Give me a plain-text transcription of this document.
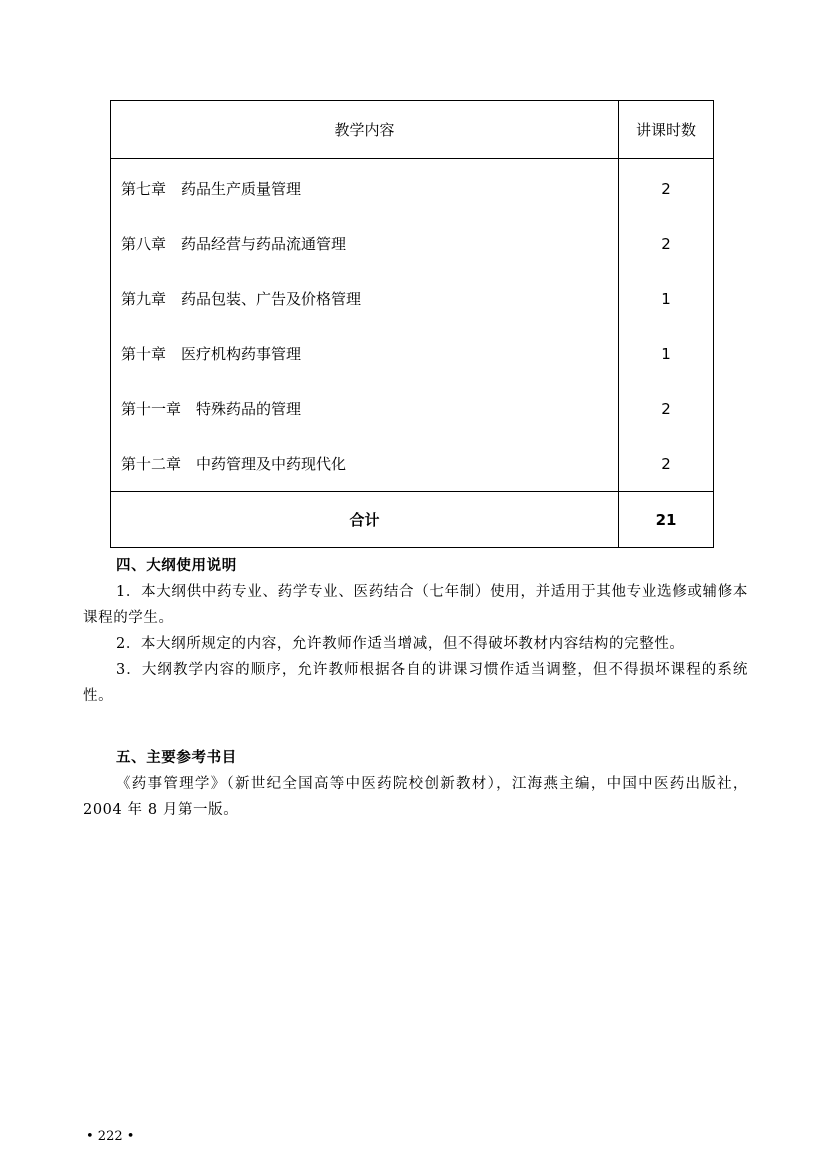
教学内容	讲课时数
第七章　药品生产质量管理	2
第八章　药品经营与药品流通管理	2
第九章　药品包装、广告及价格管理	1
第十章　医疗机构药事管理	1
第十一章　特殊药品的管理	2
第十二章　中药管理及中药现代化	2
合计	21
四、大纲使用说明

1．本大纲供中药专业、药学专业、医药结合（七年制）使用，并适用于其他专业选修或辅修本课程的学生。

2．本大纲所规定的内容，允许教师作适当增减，但不得破坏教材内容结构的完整性。

3．大纲教学内容的顺序，允许教师根据各自的讲课习惯作适当调整，但不得损坏课程的系统性。

五、主要参考书目

《药事管理学》（新世纪全国高等中医药院校创新教材），江海燕主编，中国中医药出版社，2004 年 8 月第一版。

• 222 •
